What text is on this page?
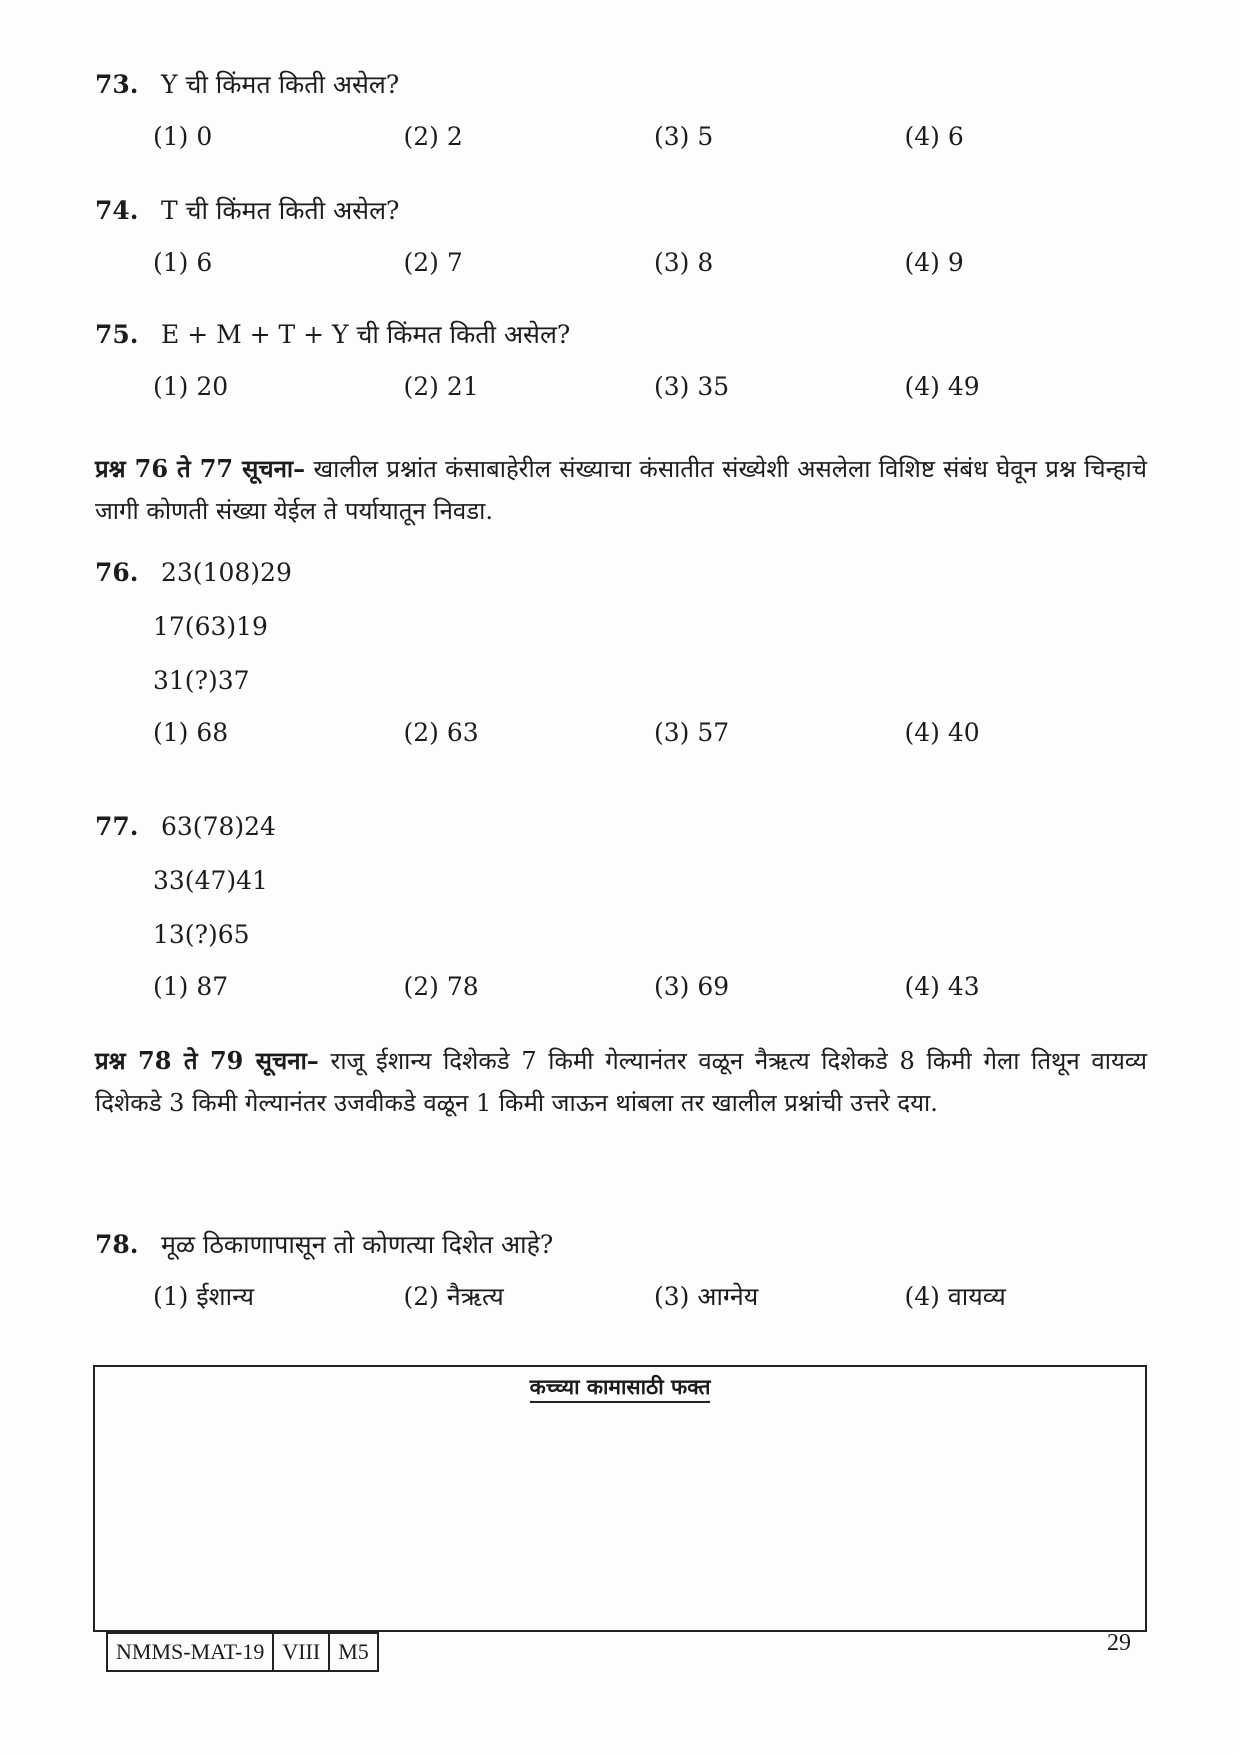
73. Y ची किंमत किती असेल?
(1) 0	(2) 2	(3) 5	(4) 6
74. T ची किंमत किती असेल?
(1) 6	(2) 7	(3) 8	(4) 9
75. E + M + T + Y ची किंमत किती असेल?
(1) 20	(2) 21	(3) 35	(4) 49
प्रश्न 76 ते 77 सूचना– खालील प्रश्नांत कंसाबाहेरील संख्याचा कंसातीत संख्येशी असलेला विशिष्ट संबंध घेवून प्रश्न चिन्हाचे जागी कोणती संख्या येईल ते पर्यायातून निवडा.
76. 23(108)29
17(63)19
31(?)37
(1) 68	(2) 63	(3) 57	(4) 40
77. 63(78)24
33(47)41
13(?)65
(1) 87	(2) 78	(3) 69	(4) 43
प्रश्न 78 ते 79 सूचना– राजू ईशान्य दिशेकडे 7 किमी गेल्यानंतर वळून नैऋत्य दिशेकडे 8 किमी गेला तिथून वायव्य दिशेकडे 3 किमी गेल्यानंतर उजवीकडे वळून 1 किमी जाऊन थांबला तर खालील प्रश्नांची उत्तरे दया.
78. मूळ ठिकाणापासून तो कोणत्या दिशेत आहे?
(1) ईशान्य	(2) नैऋत्य	(3) आग्नेय	(4) वायव्य
कच्च्या कामासाठी फक्त
NMMS-MAT-19 VIII M5	29
